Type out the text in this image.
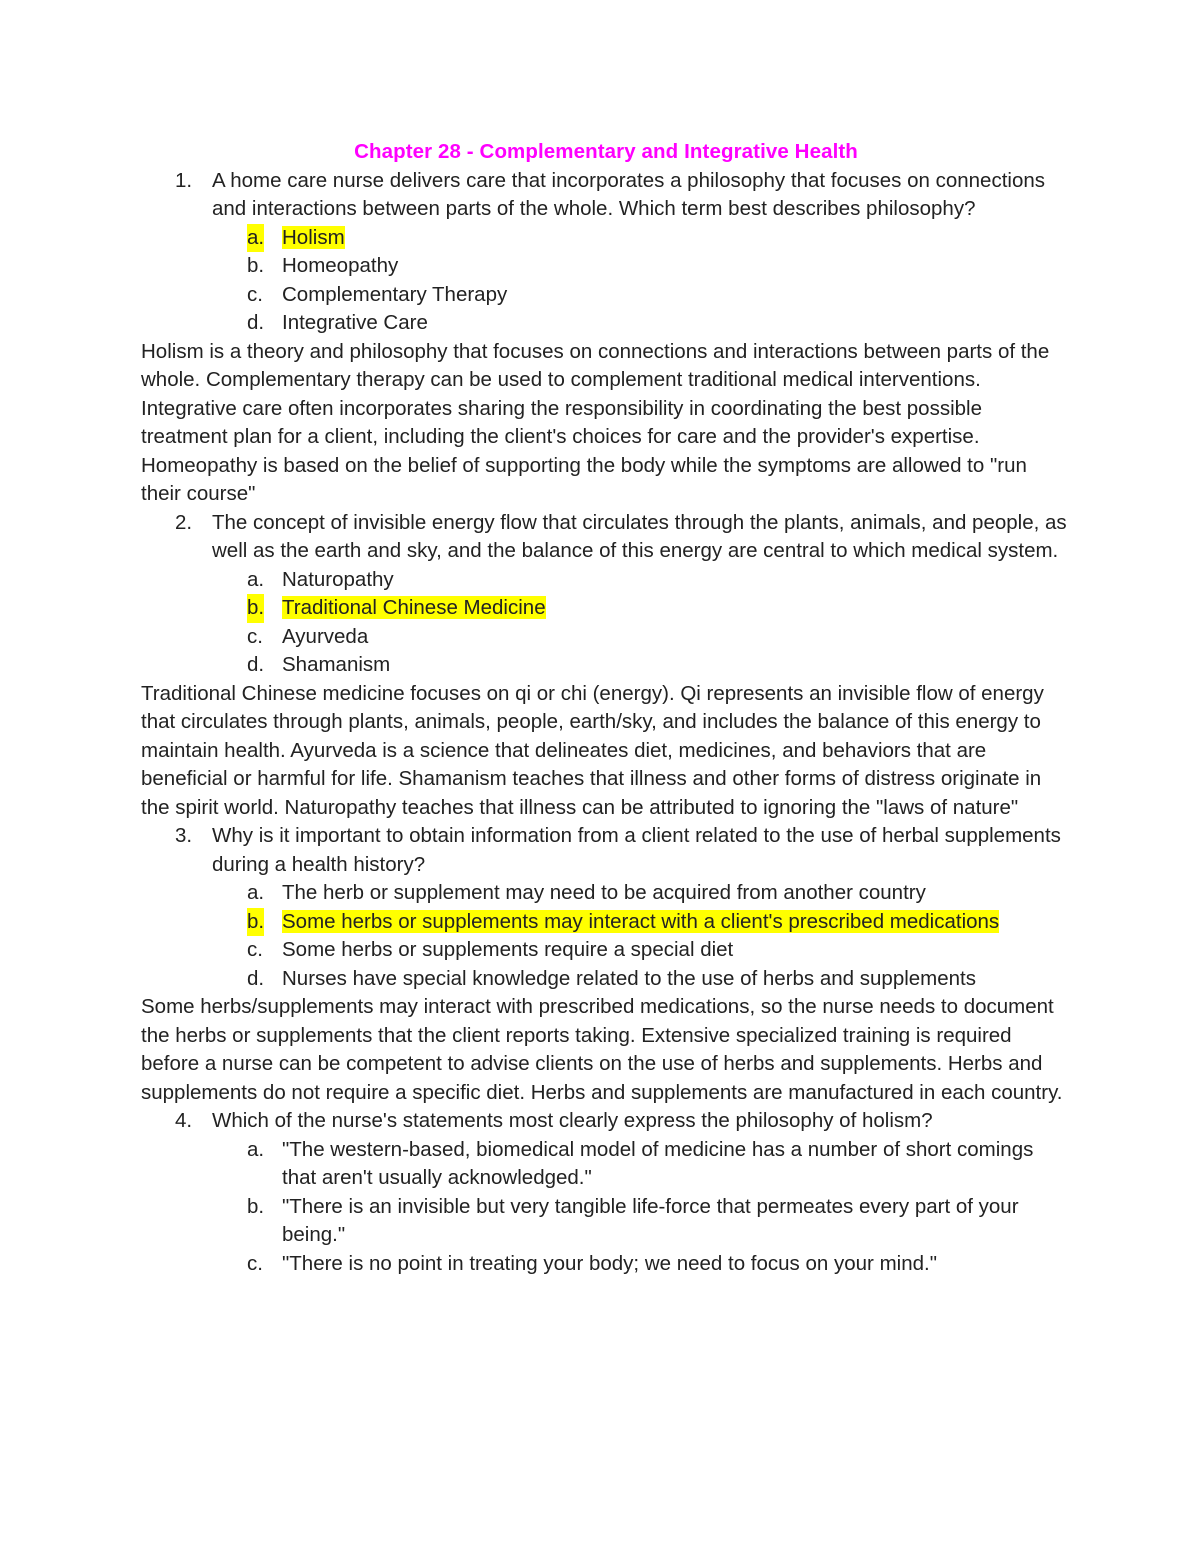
Chapter 28 - Complementary and Integrative Health

1. A home care nurse delivers care that incorporates a philosophy that focuses on connections and interactions between parts of the whole. Which term best describes philosophy?

a. Holism
b. Homeopathy
c. Complementary Therapy
d. Integrative Care

Holism is a theory and philosophy that focuses on connections and interactions between parts of the whole. Complementary therapy can be used to complement traditional medical interventions. Integrative care often incorporates sharing the responsibility in coordinating the best possible treatment plan for a client, including the client's choices for care and the provider's expertise. Homeopathy is based on the belief of supporting the body while the symptoms are allowed to "run their course"

2. The concept of invisible energy flow that circulates through the plants, animals, and people, as well as the earth and sky, and the balance of this energy are central to which medical system.

a. Naturopathy
b. Traditional Chinese Medicine
c. Ayurveda
d. Shamanism

Traditional Chinese medicine focuses on qi or chi (energy). Qi represents an invisible flow of energy that circulates through plants, animals, people, earth/sky, and includes the balance of this energy to maintain health. Ayurveda is a science that delineates diet, medicines, and behaviors that are beneficial or harmful for life. Shamanism teaches that illness and other forms of distress originate in the spirit world. Naturopathy teaches that illness can be attributed to ignoring the "laws of nature"

3. Why is it important to obtain information from a client related to the use of herbal supplements during a health history?

a. The herb or supplement may need to be acquired from another country
b. Some herbs or supplements may interact with a client's prescribed medications
c. Some herbs or supplements require a special diet
d. Nurses have special knowledge related to the use of herbs and supplements

Some herbs/supplements may interact with prescribed medications, so the nurse needs to document the herbs or supplements that the client reports taking. Extensive specialized training is required before a nurse can be competent to advise clients on the use of herbs and supplements. Herbs and supplements do not require a specific diet. Herbs and supplements are manufactured in each country.

4. Which of the nurse's statements most clearly express the philosophy of holism?

a. "The western-based, biomedical model of medicine has a number of short comings that aren't usually acknowledged."
b. "There is an invisible but very tangible life-force that permeates every part of your being."
c. "There is no point in treating your body; we need to focus on your mind."
